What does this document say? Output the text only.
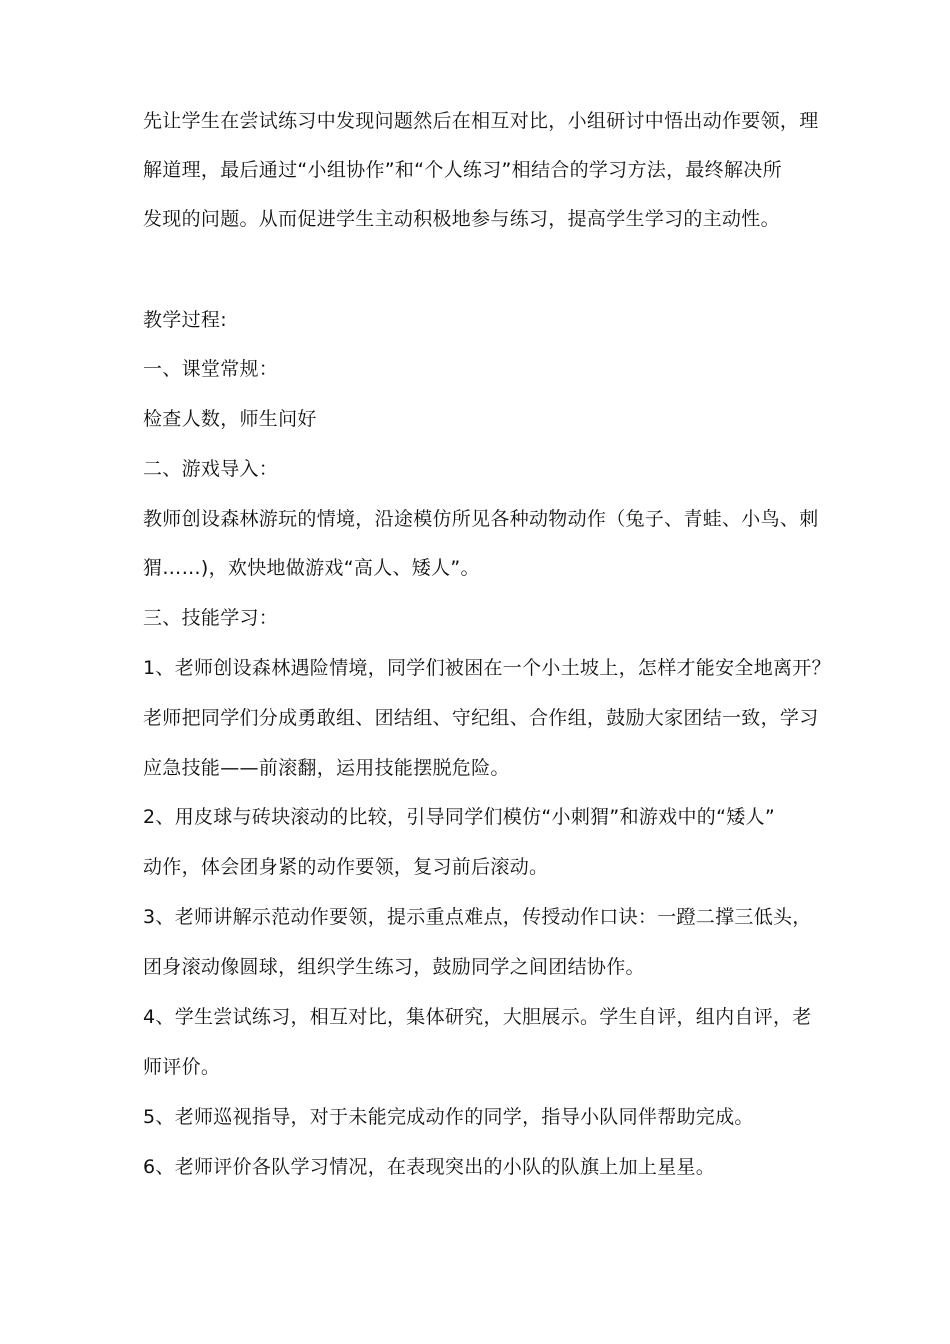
先让学生在尝试练习中发现问题然后在相互对比，小组研讨中悟出动作要领，理
解道理，最后通过“小组协作”和“个人练习”相结合的学习方法，最终解决所
发现的问题。从而促进学生主动积极地参与练习，提高学生学习的主动性。
教学过程:
一、课堂常规：
检查人数，师生问好
二、游戏导入：
教师创设森林游玩的情境，沿途模仿所见各种动物动作（兔子、青蛙、小鸟、刺
猬……)，欢快地做游戏“高人、矮人”。
三、技能学习：
1、老师创设森林遇险情境，同学们被困在一个小土坡上，怎样才能安全地离开？
老师把同学们分成勇敢组、团结组、守纪组、合作组，鼓励大家团结一致，学习
应急技能——前滚翻，运用技能摆脱危险。
2、用皮球与砖块滚动的比较，引导同学们模仿“小刺猬”和游戏中的“矮人”
动作，体会团身紧的动作要领，复习前后滚动。
3、老师讲解示范动作要领，提示重点难点，传授动作口诀：一蹬二撑三低头，
团身滚动像圆球，组织学生练习，鼓励同学之间团结协作。
4、学生尝试练习，相互对比，集体研究，大胆展示。学生自评，组内自评，老
师评价。
5、老师巡视指导，对于未能完成动作的同学，指导小队同伴帮助完成。
6、老师评价各队学习情况，在表现突出的小队的队旗上加上星星。
